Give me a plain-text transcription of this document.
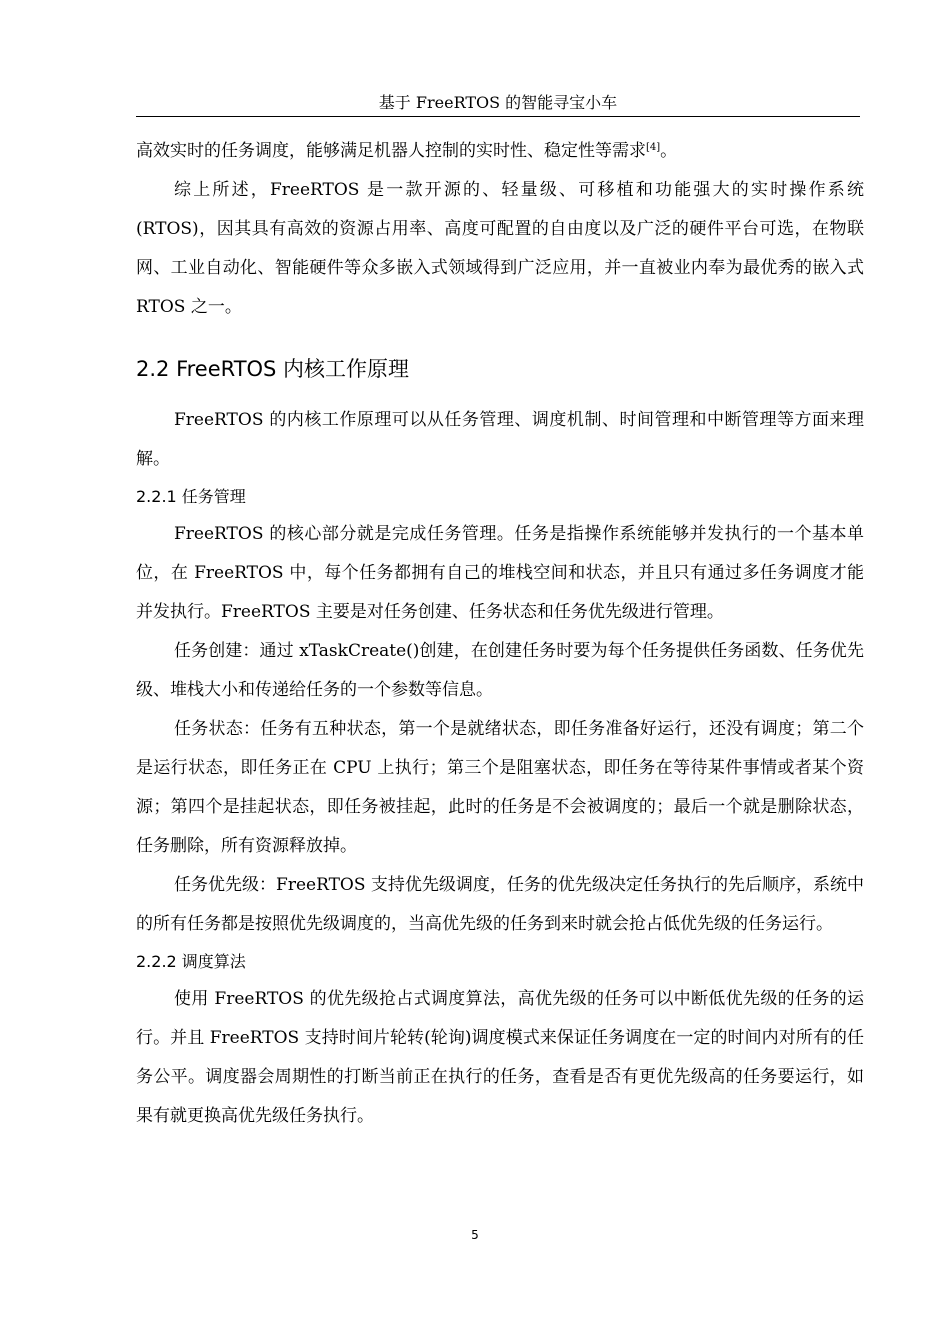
基于 FreeRTOS 的智能寻宝小车

高效实时的任务调度，能够满足机器人控制的实时性、稳定性等需求[4]。

综上所述，FreeRTOS 是一款开源的、轻量级、可移植和功能强大的实时操作系统 (RTOS)，因其具有高效的资源占用率、高度可配置的自由度以及广泛的硬件平台可选，在物联网、工业自动化、智能硬件等众多嵌入式领域得到广泛应用，并一直被业内奉为最优秀的嵌入式 RTOS 之一。

2.2 FreeRTOS 内核工作原理

FreeRTOS 的内核工作原理可以从任务管理、调度机制、时间管理和中断管理等方面来理解。

2.2.1 任务管理

FreeRTOS 的核心部分就是完成任务管理。任务是指操作系统能够并发执行的一个基本单位，在 FreeRTOS 中，每个任务都拥有自己的堆栈空间和状态，并且只有通过多任务调度才能并发执行。FreeRTOS 主要是对任务创建、任务状态和任务优先级进行管理。

任务创建：通过 xTaskCreate()创建，在创建任务时要为每个任务提供任务函数、任务优先级、堆栈大小和传递给任务的一个参数等信息。

任务状态：任务有五种状态，第一个是就绪状态，即任务准备好运行，还没有调度；第二个是运行状态，即任务正在 CPU 上执行；第三个是阻塞状态，即任务在等待某件事情或者某个资源；第四个是挂起状态，即任务被挂起，此时的任务是不会被调度的；最后一个就是删除状态，任务删除，所有资源释放掉。

任务优先级：FreeRTOS 支持优先级调度，任务的优先级决定任务执行的先后顺序，系统中的所有任务都是按照优先级调度的，当高优先级的任务到来时就会抢占低优先级的任务运行。

2.2.2 调度算法

使用 FreeRTOS 的优先级抢占式调度算法，高优先级的任务可以中断低优先级的任务的运行。并且 FreeRTOS 支持时间片轮转(轮询)调度模式来保证任务调度在一定的时间内对所有的任务公平。调度器会周期性的打断当前正在执行的任务，查看是否有更优先级高的任务要运行，如果有就更换高优先级任务执行。

5
